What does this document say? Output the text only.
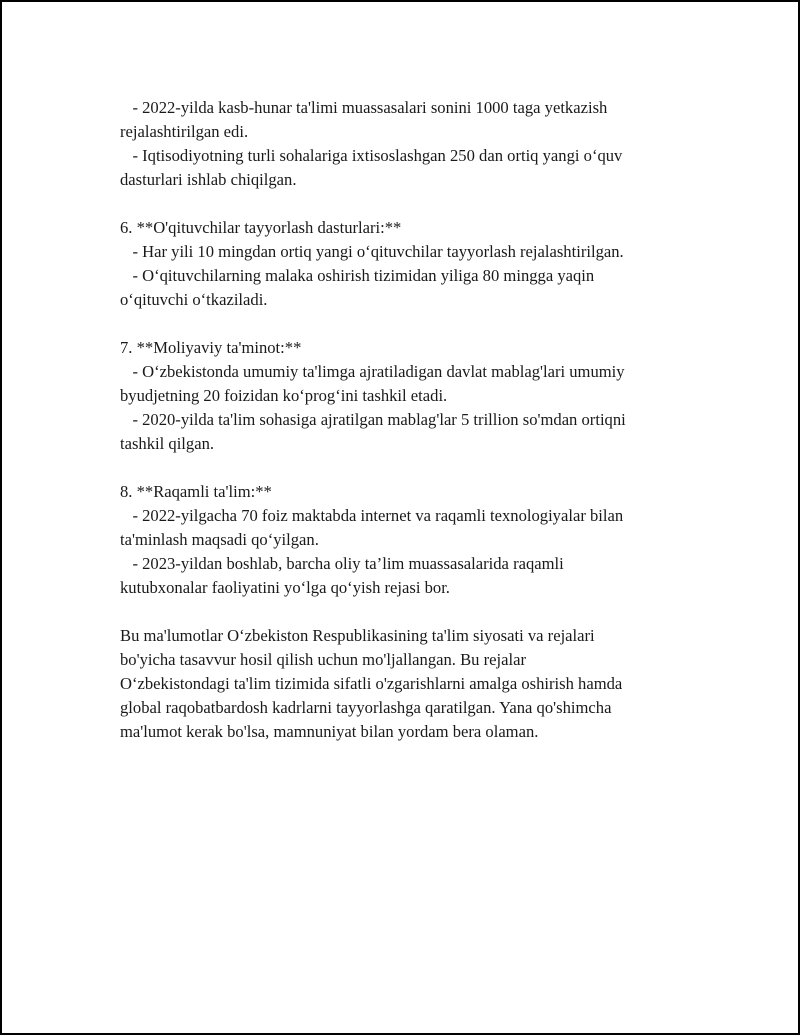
- 2022-yilda kasb-hunar ta'limi muassasalari sonini 1000 taga yetkazish
rejalashtirilgan edi.
- Iqtisodiyotning turli sohalariga ixtisoslashgan 250 dan ortiq yangi o‘quv
dasturlari ishlab chiqilgan.
6. **O'qituvchilar tayyorlash dasturlari:**
- Har yili 10 mingdan ortiq yangi o‘qituvchilar tayyorlash rejalashtirilgan.
- O‘qituvchilarning malaka oshirish tizimidan yiliga 80 mingga yaqin
o‘qituvchi o‘tkaziladi.
7. **Moliyaviy ta'minot:**
- O‘zbekistonda umumiy ta'limga ajratiladigan davlat mablag'lari umumiy
byudjetning 20 foizidan ko‘prog‘ini tashkil etadi.
- 2020-yilda ta'lim sohasiga ajratilgan mablag'lar 5 trillion so'mdan ortiqni
tashkil qilgan.
8. **Raqamli ta'lim:**
- 2022-yilgacha 70 foiz maktabda internet va raqamli texnologiyalar bilan
ta'minlash maqsadi qo‘yilgan.
- 2023-yildan boshlab, barcha oliy ta’lim muassasalarida raqamli
kutubxonalar faoliyatini yo‘lga qo‘yish rejasi bor.
Bu ma'lumotlar O‘zbekiston Respublikasining ta'lim siyosati va rejalari
bo'yicha tasavvur hosil qilish uchun mo'ljallangan. Bu rejalar
O‘zbekistondagi ta'lim tizimida sifatli o'zgarishlarni amalga oshirish hamda
global raqobatbardosh kadrlarni tayyorlashga qaratilgan. Yana qo'shimcha
ma'lumot kerak bo'lsa, mamnuniyat bilan yordam bera olaman.
